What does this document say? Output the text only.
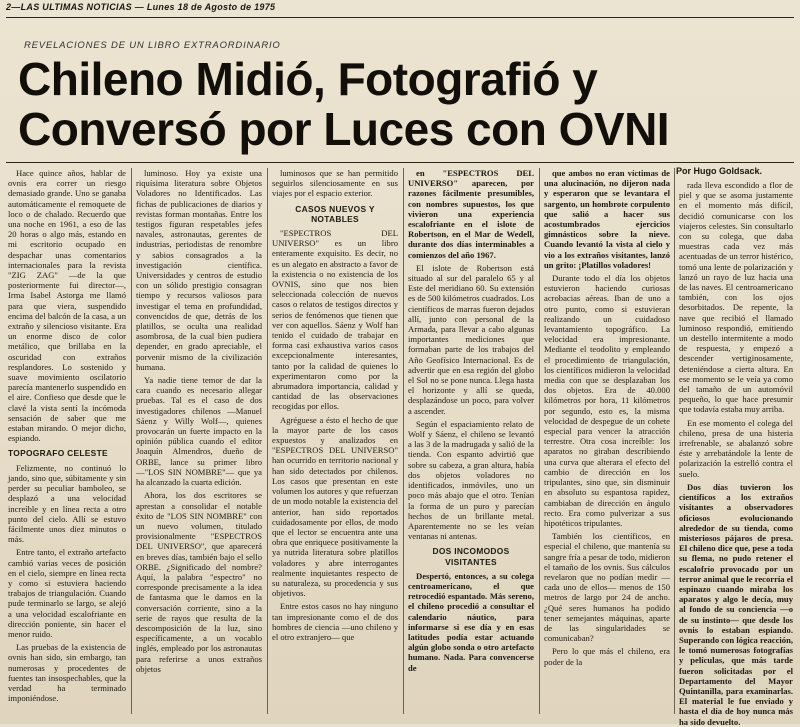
2—LAS ULTIMAS NOTICIAS — Lunes 18 de Agosto de 1975
REVELACIONES DE UN LIBRO EXTRAORDINARIO
Chileno Midió, Fotografió y
Conversó por Luces con OVNI

Hace quince años, hablar de ovnis era correr un riesgo demasiado grande. Uno se ganaba automáticamente el remoquete de loco o de chalado. Recuerdo que una noche en 1961, a eso de las 20 horas o algo más, estando en mi escritorio ocupado en despachar unas comentarios internacionales para la revista "ZIG ZAG" —de la que posteriormente fui director—, Irma Isabel Astorga me llamó para que viera, suspendido encima del balcón de la casa, a un extraño y silencioso visitante. Era un enorme disco de color metálico, que brillaba en la oscuridad con extraños resplandores. Lo sostenido y suave movimiento oscilatorio parecía mantenerlo suspendido en el aire. Confieso que desde que le clavé la vista sentí la incómoda sensación de saber que me estaban mirando. O mejor dicho, espiando.

TOPOGRAFO CELESTE

Felizmente, no continuó lo jando, sino que, súbitamente y sin perder su peculiar bamboleo, se desplazó a una velocidad increíble y en línea recta a otro punto del cielo. Allí se estuvo fácilmente unos diez minutos o más.

Entre tanto, el extraño artefacto cambió varias veces de posición en el cielo, siempre en línea recta y como si estuviera haciendo trabajos de triangulación. Cuando pude terminarlo se largo, se alejó a una velocidad escalofriante en dirección poniente, sin hacer el menor ruido.

Las pruebas de la existencia de ovnis han sido, sin embargo, tan numerosas y procedentes de fuentes tan insospechables, que la verdad ha terminado imponiéndose.

luminoso. Hoy ya existe una riquísima literatura sobre Objetos Voladores no Identificados. Las fichas de publicaciones de diarios y revistas forman montañas. Entre los testigos figuran respetables jefes navales, astronautas, gerentes de industrias, periodistas de renombre y sabios consagrados a la investigación científica. Universidades y centros de estudio con un sólido prestigio consagran tiempo y recursos valiosos para investigar el tema en profundidad, convencidos de que, detrás de los platillos, se oculta una realidad asombrosa, de la cual bien pudiera depender, en grado apreciable, el porvenir mismo de la civilización humana.

Ya nadie tiene temor de dar la cara cuando es necesario allegar pruebas. Tal es el caso de dos investigadores chilenos —Manuel Sáenz y Willy Wolf—, quienes provocarán un fuerte impacto en la opinión pública cuando el editor Joaquín Almendros, dueño de ORBE, lance su primer libro —"LOS SIN NOMBRE"— que ya ha alcanzado la cuarta edición.

Ahora, los dos escritores se aprestan a consolidar el notable éxito de "LOS SIN NOMBRE" con un nuevo volumen, titulado provisionalmente "ESPECTROS DEL UNIVERSO", que aparecerá en breves días, también bajo el sello ORBE. ¿Significado del nombre? Aquí, la palabra "espectro" no corresponde precisamente a la idea de fantasma que le damos en la conversación corriente, sino a la serie de rayos que resulta de la descomposición de la luz, sino específicamente, a un vocablo inglés, empleado por los astronautas para referirse a unos extraños objetos

luminosos que se han permitido seguirlos silenciosamente en sus viajes por el espacio exterior.

CASOS NUEVOS Y NOTABLES

"ESPECTROS DEL UNIVERSO" es un libro enteramente exquisito. Es decir, no es un alegato en abstracto a favor de la existencia o no existencia de los OVNIS, sino que nos bien seleccionada colección de nuevos casos o relatos de testigos directos y serios de fenómenos que tienen que ver con aquellos. Sáenz y Wolf han tenido el cuidado de trabajar en forma casi exhaustiva varios casos excepcionalmente interesantes, tanto por la calidad de quienes lo experimentaron como por la abrumadora importancia, calidad y cantidad de las observaciones recogidas por ellos.

Agréguese a ésto el hecho de que la mayor parte de los casos expuestos y analizados en "ESPECTROS DEL UNIVERSO" han ocurrido en territorio nacional y han sido detectados por chilenos. Los casos que presentan en este volumen los autores y que refuerzan de un modo notable la existencia del anterior, han sido reportados cuidadosamente por ellos, de modo que el lector se encuentra ante una obra que enriquece positivamente la ya nutrida literatura sobre platillos voladores y abre interrogantes realmente inquietantes respecto de su naturaleza, su procedencia y sus objetivos.

Entre estos casos no hay ninguno tan impresionante como el de dos hombres de ciencia —uno chileno y el otro extranjero— que

en "ESPECTROS DEL UNIVERSO" aparecen, por razones fácilmente presumibles, con nombres supuestos, los que vivieron una experiencia escalofriante en el islote de Robertson, en el Mar de Wedell, durante dos días interminables a comienzos del año 1967.

El islote de Robertson está situado al sur del paralelo 65 y al Este del meridiano 60. Su extensión es de 500 kilómetros cuadrados. Los científicos de marras fueron dejados allí, junto con personal de la Armada, para llevar a cabo algunas importantes mediciones que formaban parte de los trabajos del Año Geofísico Internacional. Es de advertir que en esa región del globo el Sol no se pone nunca. Llega hasta el horizonte y allí se queda, desplazándose un poco, para volver a ascender.

Según el espaciamiento relato de Wolf y Sáenz, el chileno se levantó a las 3 de la madrugada y salió de la tienda. Con espanto advirtió que sobre su cabeza, a gran altura, había dos objetos voladores no identificados, inmóviles, uno un poco más abajo que el otro. Tenían la forma de un puro y parecían hechos de un brillante metal. Aparentemente no se les veían ventanas ni antenas.

DOS INCOMODOS VISITANTES

Despertó, entonces, a su colega centroamericano, el que retrocedió espantado. Más sereno, el chileno procedió a consultar el calendario náutico, para informarse si ese día y en esas latitudes podía estar actuando algún globo sonda o otro artefacto humano. Nada. Para convencerse de

que ambos no eran víctimas de una alucinación, no dijeron nada y esperaron que se levantara el sargento, un hombrote corpulento que salió a hacer sus acostumbrados ejercicios gimnásticos sobre la nieve. Cuando levantó la vista al cielo y vio a los extraños visitantes, lanzó un grito: ¡Platillos voladores!

Durante todo el día los objetos estuvieron haciendo curiosas acrobacias aéreas. Iban de uno a otro punto, como si estuvieran realizando un cuidadoso levantamiento topográfico. La velocidad era impresionante. Mediante el teodolito y empleando el procedimiento de triangulación, los científicos midieron la velocidad media con que se desplazaban los dos objetos. Era de 40.000 kilómetros por hora, 11 kilómetros por segundo, esto es, la misma velocidad de despegue de un cohete especial para vencer la atracción terrestre. Otra cosa increíble: los aparatos no giraban describiendo una curva que alterara el efecto del cambio de dirección en los tripulantes, sino que, sin disminuir en absoluto su espantosa rapidez, cambiaban de dirección en ángulo recto. Era como pulverizar a sus hipotéticos tripulantes.

También los científicos, en especial el chileno, que mantenía su sangre fría a pesar de todo, midieron el tamaño de los ovnis. Sus cálculos revelaron que no podían medir —cada uno de ellos— menos de 150 metros de largo por 24 de ancho. ¿Qué seres humanos ha podido tener semejantes máquinas, aparte de las singularidades se comunicaban?

Pero lo que más el chileno, era poder de la

Por Hugo Goldsack.

rada lleva escondido a flor de piel y que se asoma justamente en el momento más difícil, decidió comunicarse con los viajeros celestes. Sin consultarlo con su colega, que daba muestras cada vez más acentuadas de un terror histérico, tomó una lente de polarización y lanzó un rayo de luz hacia una de las naves. El centroamericano también, con los ojos desorbitados. De repente, la nave que recibió el llamado luminoso respondió, emitiendo un destello intermitente a modo de respuesta, y empezó a descender vertiginosamente, deteniéndose a cierta altura. En ese momento se le veía ya como del tamaño de un automóvil pequeño, lo que hace presumir que todavía estaba muy arriba.

En ese momento el colega del chileno, presa de una histeria irrefrenable, se abalanzó sobre éste y arrebatándole la lente de polarización la estrelló contra el suelo.

Dos días tuvieron los científicos a los extraños visitantes a observadores oficiosos evolucionando alrededor de su tienda, como misteriosos pájaros de presa. El chileno dice que, pese a toda su flema, no pudo retener el escalofrío provocado por un terror animal que le recorría el espinazo cuando miraba los aparatos y algo le decía, muy al fondo de su conciencia —o de su instinto— que desde los ovnis lo estaban espiando. Superando con lógica reacción, le tomó numerosas fotografías y películas, que más tarde fueron solicitadas por el Departamento del Mayor Quintanilla, para examinarlas. El material le fue enviado y hasta el día de hoy nunca más ha sido devuelto.
